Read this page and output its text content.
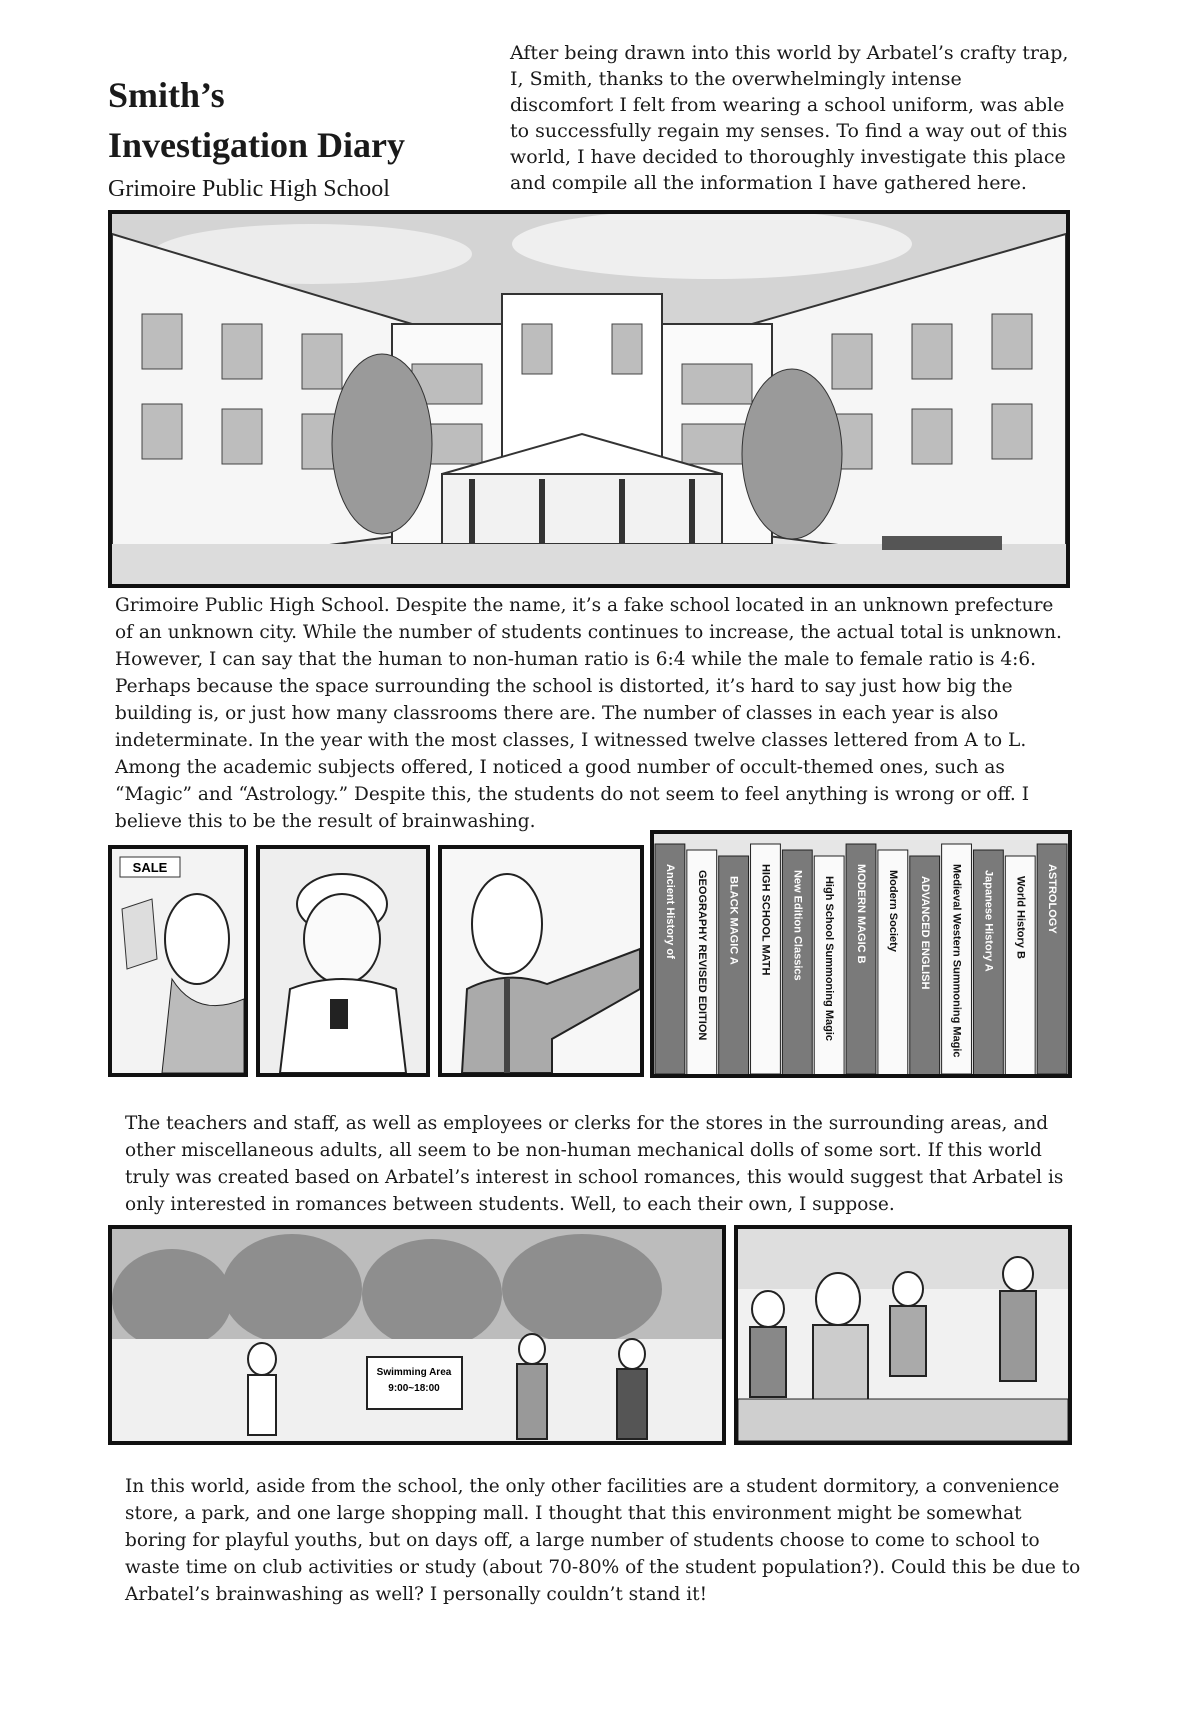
Smith’s
Investigation Diary
Grimoire Public High School
After being drawn into this world by Arbatel’s crafty trap, I, Smith, thanks to the overwhelmingly intense discomfort I felt from wearing a school uniform, was able to successfully regain my senses. To find a way out of this world, I have decided to thoroughly investigate this place and compile all the information I have gathered here.
Grimoire Public High School. Despite the name, it’s a fake school located in an unknown prefecture of an unknown city. While the number of students continues to increase, the actual total is unknown. However, I can say that the human to non-human ratio is 6:4 while the male to female ratio is 4:6. Perhaps because the space surrounding the school is distorted, it’s hard to say just how big the building is, or just how many classrooms there are. The number of classes in each year is also indeterminate. In the year with the most classes, I witnessed twelve classes lettered from A to L. Among the academic subjects offered, I noticed a good number of occult-themed ones, such as “Magic” and “Astrology.” Despite this, the students do not seem to feel anything is wrong or off. I believe this to be the result of brainwashing.
SALE	Ancient History of GEOGRAPHY REVISED EDITION BLACK MAGIC A HIGH SCHOOL MATH New Edition Classics High School Summoning Magic MODERN MAGIC B Modern Society ADVANCED ENGLISH Medieval Western Summoning Magic Japanese History A World History B ASTROLOGY
The teachers and staff, as well as employees or clerks for the stores in the surrounding areas, and other miscellaneous adults, all seem to be non-human mechanical dolls of some sort. If this world truly was created based on Arbatel’s interest in school romances, this would suggest that Arbatel is only interested in romances between students. Well, to each their own, I suppose.
Swimming Area
9:00~18:00
In this world, aside from the school, the only other facilities are a student dormitory, a convenience store, a park, and one large shopping mall. I thought that this environment might be somewhat boring for playful youths, but on days off, a large number of students choose to come to school to waste time on club activities or study (about 70-80% of the student population?). Could this be due to Arbatel’s brainwashing as well? I personally couldn’t stand it!
